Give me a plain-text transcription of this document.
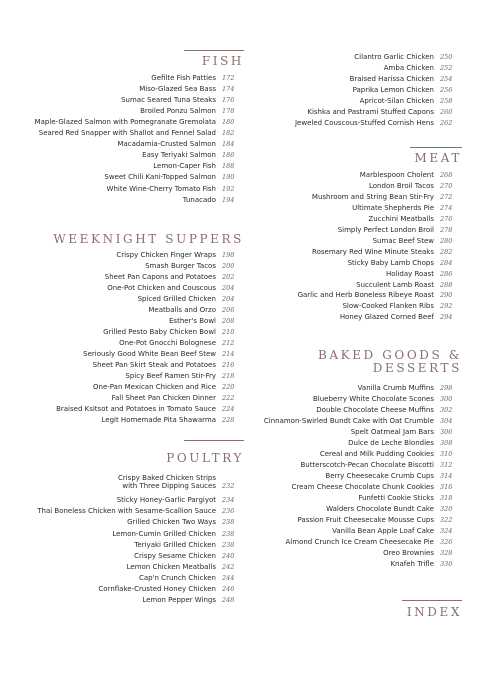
FISH
Gefilte Fish Patties 172
Miso-Glazed Sea Bass 174
Sumac Seared Tuna Steaks 176
Broiled Ponzu Salmon 178
Maple-Glazed Salmon with Pomegranate Gremolata 180
Seared Red Snapper with Shallot and Fennel Salad 182
Macadamia-Crusted Salmon 184
Easy Teriyaki Salmon 186
Lemon-Caper Fish 188
Sweet Chili Kani-Topped Salmon 190
White Wine-Cherry Tomato Fish 192
Tunacado 194
WEEKNIGHT SUPPERS
Crispy Chicken Finger Wraps 198
Smash Burger Tacos 200
Sheet Pan Capons and Potatoes 202
One-Pot Chicken and Couscous 204
Spiced Grilled Chicken 204
Meatballs and Orzo 206
Esther's Bowl 208
Grilled Pesto Baby Chicken Bowl 210
One-Pot Gnocchi Bolognese 212
Seriously Good White Bean Beef Stew 214
Sheet Pan Skirt Steak and Potatoes 216
Spicy Beef Ramen Stir-Fry 218
One-Pan Mexican Chicken and Rice 220
Fall Sheet Pan Chicken Dinner 222
Braised Ksitsot and Potatoes in Tomato Sauce 224
Legit Homemade Pita Shawarma 228
POULTRY
Crispy Baked Chicken Strips
with Three Dipping Sauces 232
Sticky Honey-Garlic Pargiyot 234
Thai Boneless Chicken with Sesame-Scallion Sauce 236
Grilled Chicken Two Ways 238
Lemon-Cumin Grilled Chicken 238
Teriyaki Grilled Chicken 238
Crispy Sesame Chicken 240
Lemon Chicken Meatballs 242
Cap'n Crunch Chicken 244
Cornflake-Crusted Honey Chicken 246
Lemon Pepper Wings 248
Cilantro Garlic Chicken 250
Amba Chicken 252
Braised Harissa Chicken 254
Paprika Lemon Chicken 256
Apricot-Silan Chicken 258
Kishka and Pastrami Stuffed Capons 260
Jeweled Couscous-Stuffed Cornish Hens 262
MEAT
Marblespoon Cholent 268
London Broil Tacos 270
Mushroom and String Bean Stir-Fry 272
Ultimate Shepherds Pie 274
Zucchini Meatballs 276
Simply Perfect London Broil 278
Sumac Beef Stew 280
Rosemary Red Wine Minute Steaks 282
Sticky Baby Lamb Chops 284
Holiday Roast 286
Succulent Lamb Roast 288
Garlic and Herb Boneless Ribeye Roast 290
Slow-Cooked Flanken Ribs 292
Honey Glazed Corned Beef 294
BAKED GOODS &
DESSERTS
Vanilla Crumb Muffins 298
Blueberry White Chocolate Scones 300
Double Chocolate Cheese Muffins 302
Cinnamon-Swirled Bundt Cake with Oat Crumble 304
Spelt Oatmeal Jam Bars 306
Dulce de Leche Blondies 308
Cereal and Milk Pudding Cookies 310
Butterscotch-Pecan Chocolate Biscotti 312
Berry Cheesecake Crumb Cups 314
Cream Cheese Chocolate Chunk Cookies 316
Funfetti Cookie Sticks 318
Walders Chocolate Bundt Cake 320
Passion Fruit Cheesecake Mousse Cups 322
Vanilla Bean Apple Loaf Cake 324
Almond Crunch Ice Cream Cheesecake Pie 326
Oreo Brownies 328
Knafeh Trifle 330
INDEX
